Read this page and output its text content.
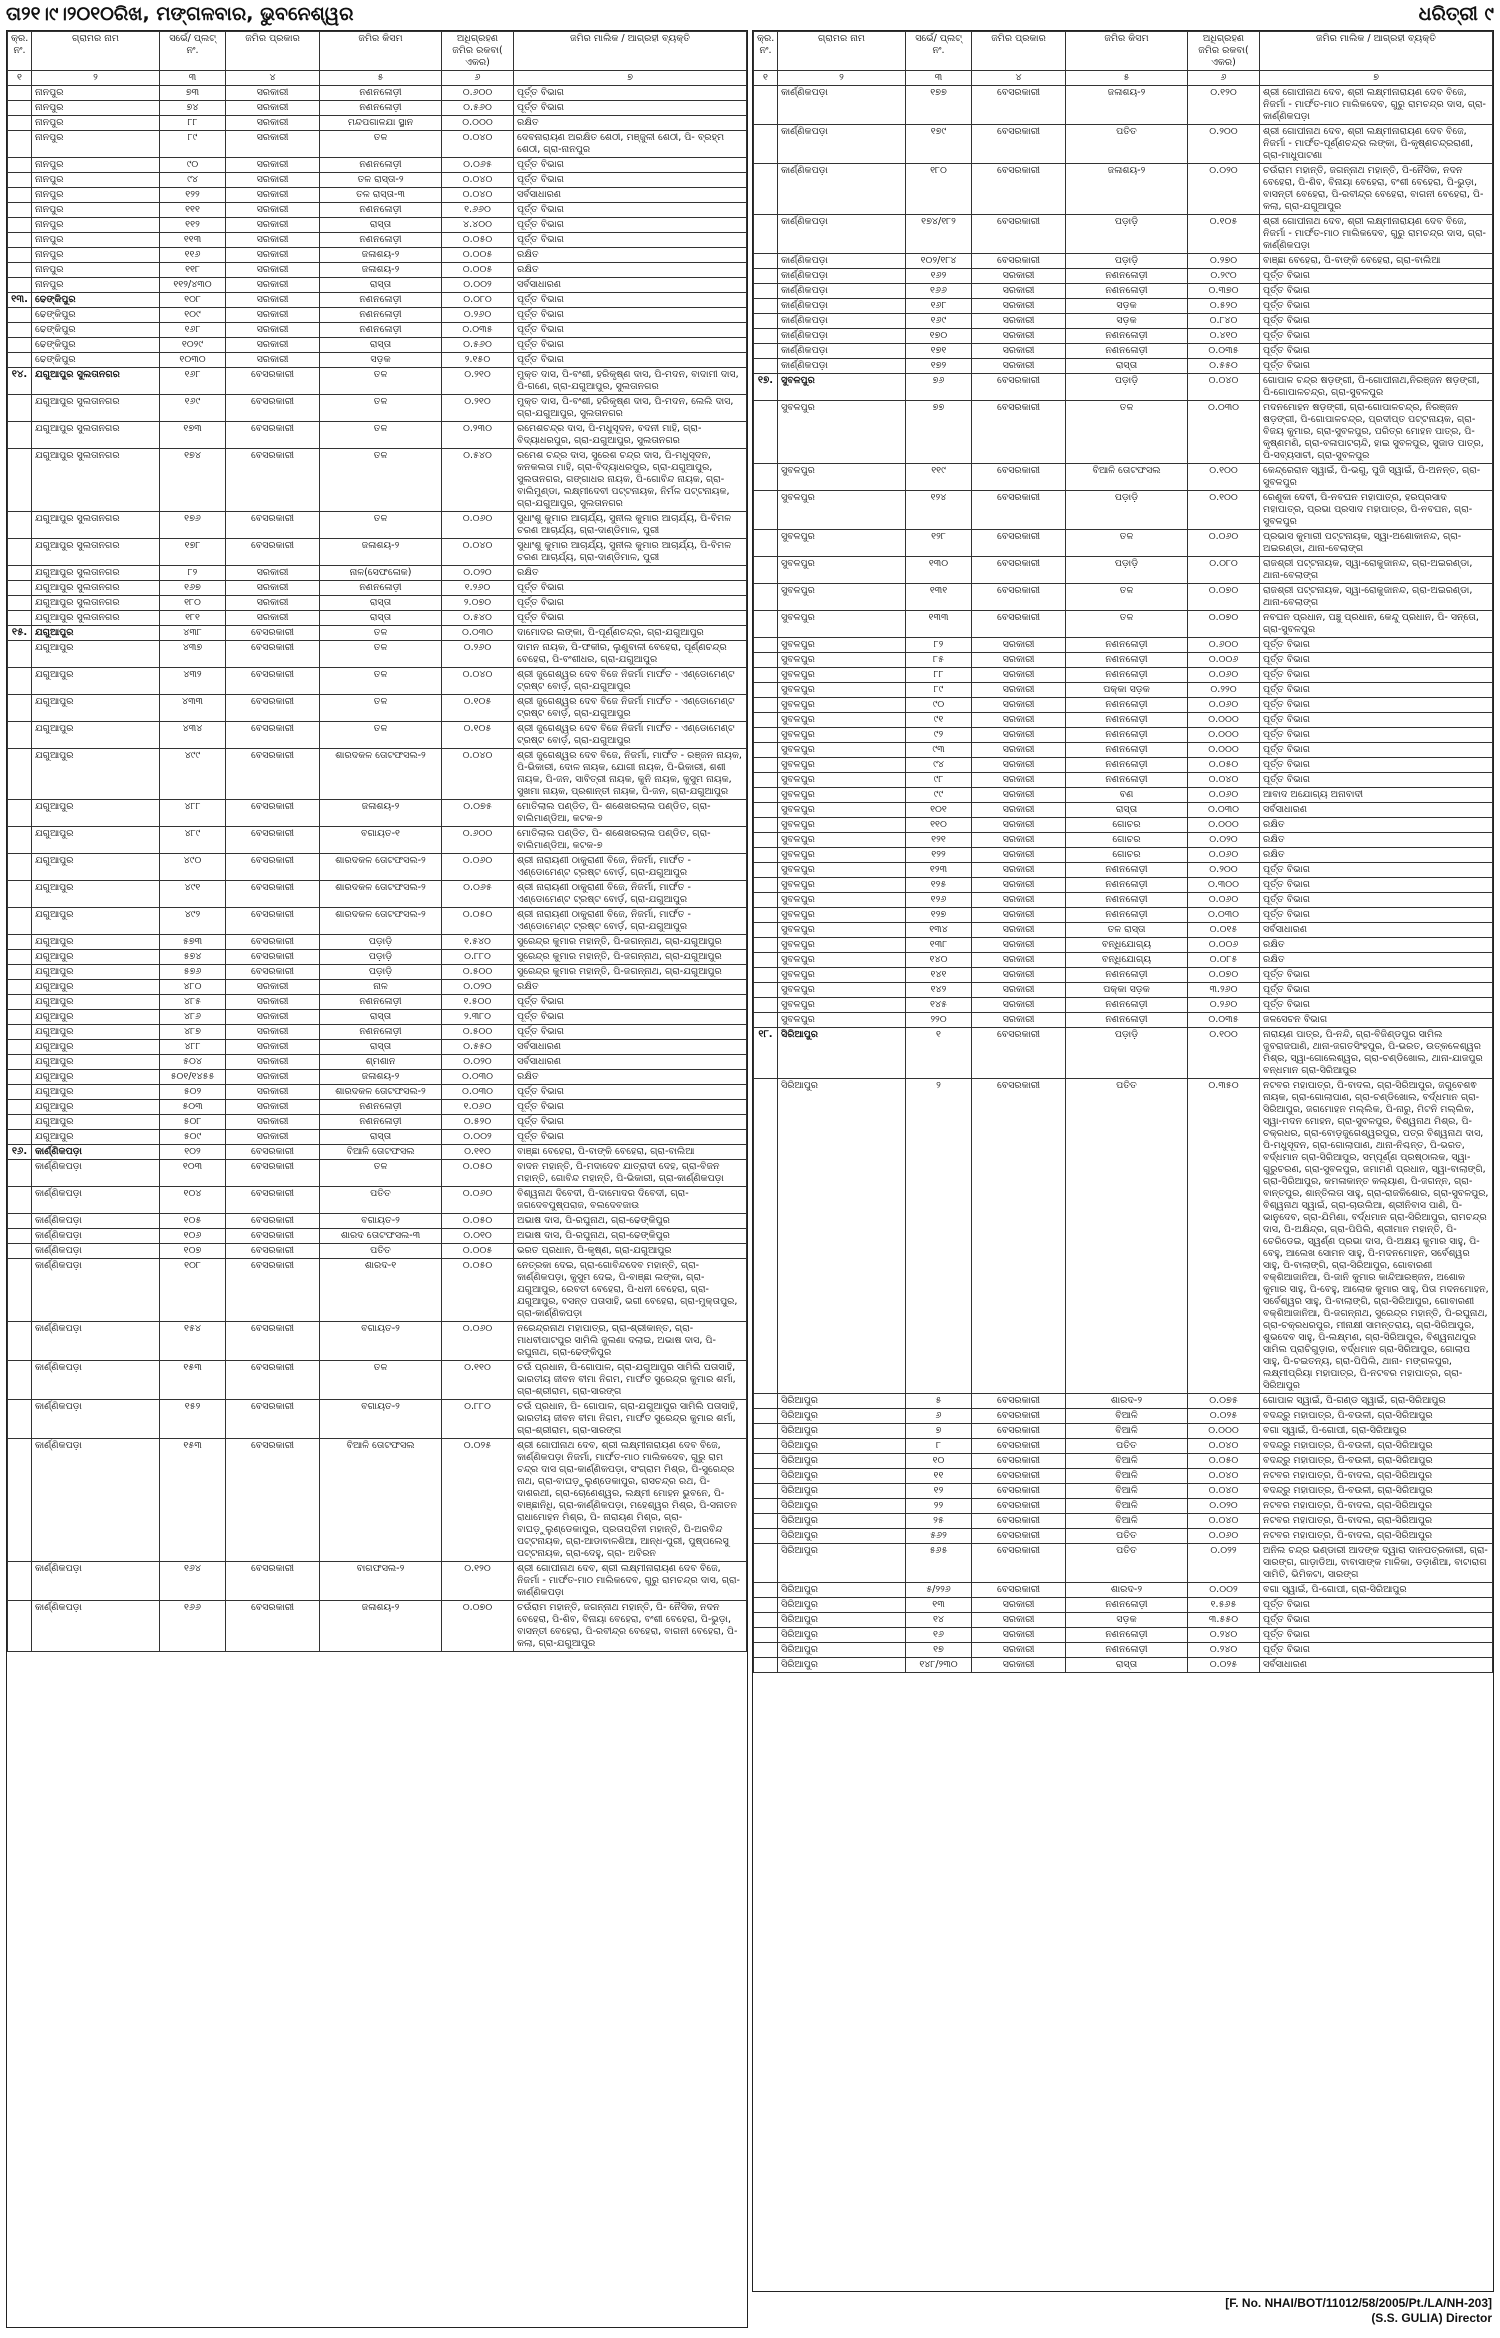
ତା୨୧।୯।୨୦୧୦ରିଖ, ମଙ୍ଗଳବାର, ଭୁବନେଶ୍ୱର	ଧରିତ୍ରୀ ୯
କ୍ର. ନଂ.	ଗ୍ରାମର ନାମ	ସର୍ଭେ/ ପ୍ଲଟ୍ ନଂ.	ଜମିର ପ୍ରକାର	ଜମିର କିସମ	ଅଧିଗ୍ରହଣ ଜମିର ରକବା( ଏକର)	ଜମିର ମାଲିକ / ଆଗ୍ରହୀ ବ୍ୟକ୍ତି
୧	୨	୩	୪	୫	୬	୭
	ନାନପୁର	୭୩	ସରକାରୀ	ନଣନଳୋଡ଼ୀ	୦.୬୦୦	ପୂର୍ତ୍ତ ବିଭାଗ
	ନାନପୁର	୭୪	ସରକାରୀ	ନଣନଳୋଡ଼ୀ	୦.୫୬୦	ପୂର୍ତ୍ତ ବିଭାଗ
	ନାନପୁର	୮୮	ସରକାରୀ	ମନ୍ଦପଗାଳଯା ସ୍ଥାନ	୦.୦୦୦	ରକ୍ଷିତ
	ନାନପୁର	୮୯	ସରକାରୀ	ତଳ	୦.୦୪୦	ଦେବନାରାୟଣ ଅରକ୍ଷିତ ଶେଠୀ, ମଞ୍ଜୁଳୀ ଶେଠୀ, ପି- ବ୍ରହ୍ମ ଶେଠୀ, ଗ୍ରା-ନାନପୁର
	ନାନପୁର	୯୦	ସରକାରୀ	ନଣନଳୋଡ଼ୀ	୦.୦୬୫	ପୂର୍ତ୍ତ ବିଭାଗ
	ନାନପୁର	୯୪	ସରକାରୀ	ତଳ ରାସ୍ତା-୨	୦.୦୪୦	ପୂର୍ତ୍ତ ବିଭାଗ
	ନାନପୁର	୧୨୨	ସରକାରୀ	ତଳ ରାସ୍ତା-୩	୦.୦୪୦	ସର୍ବସାଧାରଣ
	ନାନପୁର	୧୧୧	ସରକାରୀ	ନଣନଳୋଡ଼ୀ	୧.୬୬୦	ପୂର୍ତ୍ତ ବିଭାଗ
	ନାନପୁର	୧୧୨	ସରକାରୀ	ରାସ୍ତା	୪.୪୦୦	ପୂର୍ତ୍ତ ବିଭାଗ
	ନାନପୁର	୧୧୩	ସରକାରୀ	ନଣନଳୋଡ଼ୀ	୦.୦୫୦	ପୂର୍ତ୍ତ ବିଭାଗ
	ନାନପୁର	୧୧୬	ସରକାରୀ	ଜଳାଶୟ-୨	୦.୦୦୫	ରକ୍ଷିତ
	ନାନପୁର	୧୧୮	ସରକାରୀ	ଜଳାଶୟ-୨	୦.୦୦୫	ରକ୍ଷିତ
	ନାନପୁର	୧୧୨/୪୩୦	ସରକାରୀ	ରାସ୍ତା	୦.୦୦୨	ସର୍ବସାଧାରଣ
୧୩.	ଢେଙ୍କିପୁର	୧୦୮	ସରକାରୀ	ନଣନଳୋଡ଼ୀ	୦.୦୮୦	ପୂର୍ତ୍ତ ବିଭାଗ
	ଢେଙ୍କିପୁର	୧୦୯	ସରକାରୀ	ନଣନଳୋଡ଼ୀ	୦.୨୬୦	ପୂର୍ତ୍ତ ବିଭାଗ
	ଢେଙ୍କିପୁର	୧୬୮	ସରକାରୀ	ନଣନଳୋଡ଼ୀ	୦.୦୩୫	ପୂର୍ତ୍ତ ବିଭାଗ
	ଢେଙ୍କିପୁର	୧୦୨୯	ସରକାରୀ	ରାସ୍ତା	୦.୫୬୦	ପୂର୍ତ୍ତ ବିଭାଗ
	ଢେଙ୍କିପୁର	୧୦୩୦	ସରକାରୀ	ସଡ଼କ	୨.୧୫୦	ପୂର୍ତ୍ତ ବିଭାଗ
୧୪.	ଯଗୁଆପୁର ସୁଲତାନଗର	୧୬୮	ବେସରକାରୀ	ତଳ	୦.୨୧୦	ମୁକ୍ତ ଦାସ, ପି-ବଂଶୀ, ହରିକୃଷ୍ଣ ଦାସ, ପି-ମଦନ, ବାଦାମୀ ଦାସ, ପି-ଗଣେ, ଗ୍ରା-ଯଗୁଆପୁର, ସୁଲତାନଗର
	ଯଗୁଆପୁର ସୁଲତାନଗର	୧୬୯	ବେସରକାରୀ	ତଳ	୦.୨୧୦	ମୁକ୍ତ ଦାସ, ପି-ବଂଶୀ, ହରିକୃଷ୍ଣ ଦାସ, ପି-ମଦନ, ଲେଲି ଦାସ, ଗ୍ରା-ଯଗୁଆପୁର, ସୁଲତାନଗର
	ଯଗୁଆପୁର ସୁଲତାନଗର	୧୭୩	ବେସରକାରୀ	ତଳ	୦.୨୩୦	ରମେଶଚନ୍ଦ୍ର ଦାସ, ପି-ମଧୁସୂଦନ, ବଦନୀ ମାହି, ଗ୍ରା-ବିଦ୍ୟାଧରପୁର, ଗ୍ରା-ଯଗୁଆପୁର, ସୁଲତାନଗର
	ଯଗୁଆପୁର ସୁଲତାନଗର	୧୭୪	ବେସରକାରୀ	ତଳ	୦.୫୪୦	ରମେଶ ଚନ୍ଦ୍ର ଦାସ, ସୁରେଶ ଚନ୍ଦ୍ର ଦାସ, ପି-ମଧୁସୂଦନ, କନକଲତା ମାହି, ଗ୍ରା-ବିଦ୍ୟାଧରପୁର, ଗ୍ରା-ଯଗୁଆପୁର, ସୁଲତାନଗର, ଗଙ୍ଗାଧର ନାୟକ, ପି-ଗୋବିନ୍ଦ ନାୟକ, ଗ୍ରା-ବାଲିମୁଣ୍ଡା, ଲକ୍ଷ୍ମୀଦେବୀ ପଟ୍ଟନାୟକ, ନିର୍ମଳ ପଟ୍ଟନାୟକ, ଗ୍ରା-ଯଗୁଆପୁର, ସୁଲତାନଗର
	ଯଗୁଆପୁର ସୁଲତାନଗର	୧୭୬	ବେସରକାରୀ	ତଳ	୦.୦୬୦	ସୁଧାଂଶୁ କୁମାର ଆଚାର୍ଯ୍ୟ, ସୁନୀଲ କୁମାର ଆଚାର୍ଯ୍ୟ, ପି-ବିମଳ ଚରଣ ଆଚାର୍ଯ୍ୟ, ଗ୍ରା-ଦାଣ୍ଡିମାଳ, ପୁରୀ
	ଯଗୁଆପୁର ସୁଲତାନଗର	୧୭୮	ବେସରକାରୀ	ଜଳାଶୟ-୨	୦.୦୪୦	ସୁଧାଂଶୁ କୁମାର ଆଚାର୍ଯ୍ୟ, ସୁନୀଲ କୁମାର ଆଚାର୍ଯ୍ୟ, ପି-ବିମଳ ଚରଣ ଆଚାର୍ଯ୍ୟ, ଗ୍ରା-ଦାଣ୍ଡିମାଳ, ପୁରୀ
	ଯଗୁଆପୁର ସୁଲତାନଗର	୮୨	ସରକାରୀ	ନାଳ(ସେଫଳୋକ)	୦.୦୨୦	ରକ୍ଷିତ
	ଯଗୁଆପୁର ସୁଲତାନଗର	୧୬୭	ସରକାରୀ	ନଣନଳୋଡ଼ୀ	୧.୨୬୦	ପୂର୍ତ୍ତ ବିଭାଗ
	ଯଗୁଆପୁର ସୁଲତାନଗର	୧୮୦	ସରକାରୀ	ରାସ୍ତା	୨.୦୭୦	ପୂର୍ତ୍ତ ବିଭାଗ
	ଯଗୁଆପୁର ସୁଲତାନଗର	୧୮୧	ସରକାରୀ	ରାସ୍ତା	୦.୫୪୦	ପୂର୍ତ୍ତ ବିଭାଗ
୧୫.	ଯଗୁଆପୁର	୪୩୮	ବେସରକାରୀ	ତଳ	୦.୦୩୦	ଦାମୋଦର ଲଙ୍କା, ପି-ପୂର୍ଣ୍ଣଚନ୍ଦ୍ର, ଗ୍ରା-ଯଗୁଆପୁର
	ଯଗୁଆପୁର	୪୩୭	ବେସରକାରୀ	ତଳ	୦.୨୬୦	ଦାମନ ନାୟକ, ପି-ଫକୀର, ଲୁଣୁବାଳୀ ବେହେରା, ପୂର୍ଣ୍ଣଚନ୍ଦ୍ର ବେହେରା, ପି-ବଂଶୀଧର, ଗ୍ରା-ଯଗୁଆପୁର
	ଯଗୁଆପୁର	୪୩୨	ବେସରକାରୀ	ତଳ	୦.୦୪୦	ଶ୍ରୀ ଜୁଗେଶ୍ୱର ଦେବ ବିଜେ ନିଜର୍ମା ମାର୍ଫତ - ଏଣ୍ଡୋମେଣ୍ଟ ଟ୍ରଷ୍ଟ ବୋର୍ଡ଼, ଗ୍ରା-ଯଗୁଆପୁର
	ଯଗୁଆପୁର	୪୩୩	ବେସରକାରୀ	ତଳ	୦.୧୦୫	ଶ୍ରୀ ଜୁଗେଶ୍ୱର ଦେବ ବିଜେ ନିଜର୍ମା ମାର୍ଫତ - ଏଣ୍ଡୋମେଣ୍ଟ ଟ୍ରଷ୍ଟ ବୋର୍ଡ଼, ଗ୍ରା-ଯଗୁଆପୁର
	ଯଗୁଆପୁର	୪୩୪	ବେସରକାରୀ	ତଳ	୦.୧୦୫	ଶ୍ରୀ ଜୁଗେଶ୍ୱର ଦେବ ବିଜେ ନିଜର୍ମା ମାର୍ଫତ - ଏଣ୍ଡୋମେଣ୍ଟ ଟ୍ରଷ୍ଟ ବୋର୍ଡ଼, ଗ୍ରା-ଯଗୁଆପୁର
	ଯଗୁଆପୁର	୪୯୯	ବେସରକାରୀ	ଶାରଦକଳ ତୋଟଫସଲ-୨	୦.୦୪୦	ଶ୍ରୀ ଜୁଗେଶ୍ୱର ଦେବ ବିଜେ, ନିଜର୍ମା, ମାର୍ଫତ - ରଞ୍ଜନ ନାୟକ, ପି-ଭିକାରୀ, ଦୋଳ ନାୟକ, ଯୋଗୀ ନାୟକ, ପି-ଭିକାରୀ, ଶଶୀ ନାୟକ, ପି-ଜନ, ସାବିତ୍ରୀ ନାୟକ, କୁନି ନାୟକ, କୁସୁମ ନାୟକ, ସୁଖମା ନାୟକ, ପ୍ରଶାନ୍ତୀ ନାୟକ, ପି-ଜନ, ଗ୍ରା-ଯଗୁଆପୁର
	ଯଗୁଆପୁର	୪୮୮	ବେସରକାରୀ	ଜଳାଶୟ-୨	୦.୦୭୫	ମୋତିଲାଲ ପଣ୍ଡିତ, ପି- ଶଶେଖରଲାଲ ପଣ୍ଡିତ, ଗ୍ରା-ବାଲିମାଣ୍ଡିଆ, କଟକ-୭
	ଯଗୁଆପୁର	୪୮୯	ବେସରକାରୀ	ବଗାୟତ-୧	୦.୬୦୦	ମୋତିଲାଲ ପଣ୍ଡିତ, ପି- ଶଶେଖରଲାଲ ପଣ୍ଡିତ, ଗ୍ରା-ବାଲିମାଣ୍ଡିଆ, କଟକ-୭
	ଯଗୁଆପୁର	୪୯୦	ବେସରକାରୀ	ଶାରଦକଳ ତୋଟଫସଲ-୨	୦.୦୬୦	ଶ୍ରୀ ନାରାୟଣୀ ଠାକୁରାଣୀ ବିଜେ, ନିଜର୍ମା, ମାର୍ଫତ - ଏଣ୍ଡୋମେଣ୍ଟ ଟ୍ରଷ୍ଟ ବୋର୍ଡ଼, ଗ୍ରା-ଯଗୁଆପୁର
	ଯଗୁଆପୁର	୪୯୧	ବେସରକାରୀ	ଶାରଦକଳ ତୋଟଫସଲ-୨	୦.୦୬୫	ଶ୍ରୀ ନାରାୟଣୀ ଠାକୁରାଣୀ ବିଜେ, ନିଜର୍ମା, ମାର୍ଫତ - ଏଣ୍ଡୋମେଣ୍ଟ ଟ୍ରଷ୍ଟ ବୋର୍ଡ଼, ଗ୍ରା-ଯଗୁଆପୁର
	ଯଗୁଆପୁର	୪୯୨	ବେସରକାରୀ	ଶାରଦକଳ ତୋଟଫସଲ-୨	୦.୦୫୦	ଶ୍ରୀ ନାରାୟଣୀ ଠାକୁରାଣୀ ବିଜେ, ନିଜର୍ମା, ମାର୍ଫତ - ଏଣ୍ଡୋମେଣ୍ଟ ଟ୍ରଷ୍ଟ ବୋର୍ଡ଼, ଗ୍ରା-ଯଗୁଆପୁର
	ଯଗୁଆପୁର	୫୭୩	ବେସରକାରୀ	ପଡ଼ାଡ଼ି	୧.୫୪୦	ସୁରେନ୍ଦ୍ର କୁମାର ମହାନ୍ତି, ପି-ଜଗନ୍ନାଥ, ଗ୍ରା-ଯଗୁଆପୁର
	ଯଗୁଆପୁର	୫୭୪	ବେସରକାରୀ	ପଡ଼ାଡ଼ି	୦.୮୮୦	ସୁରେନ୍ଦ୍ର କୁମାର ମହାନ୍ତି, ପି-ଜଗନ୍ନାଥ, ଗ୍ରା-ଯଗୁଆପୁର
	ଯଗୁଆପୁର	୫୭୬	ବେସରକାରୀ	ପଡ଼ାଡ଼ି	୦.୫୦୦	ସୁରେନ୍ଦ୍ର କୁମାର ମହାନ୍ତି, ପି-ଜଗନ୍ନାଥ, ଗ୍ରା-ଯଗୁଆପୁର
	ଯଗୁଆପୁର	୪୮୦	ସରକାରୀ	ନାଳ	୦.୦୨୦	ରକ୍ଷିତ
	ଯଗୁଆପୁର	୪୮୫	ସରକାରୀ	ନଣନଳୋଡ଼ୀ	୧.୫୦୦	ପୂର୍ତ୍ତ ବିଭାଗ
	ଯଗୁଆପୁର	୪୮୬	ସରକାରୀ	ରାସ୍ତା	୨.୩୮୦	ପୂର୍ତ୍ତ ବିଭାଗ
	ଯଗୁଆପୁର	୪୮୭	ସରକାରୀ	ନଣନଳୋଡ଼ୀ	୦.୫୦୦	ପୂର୍ତ୍ତ ବିଭାଗ
	ଯଗୁଆପୁର	୪୮୮	ସରକାରୀ	ରାସ୍ତା	୦.୫୫୦	ସର୍ବସାଧାରଣ
	ଯଗୁଆପୁର	୫୦୪	ସରକାରୀ	ଶ୍ମଶାନ	୦.୦୨୦	ସର୍ବସାଧାରଣ
	ଯଗୁଆପୁର	୫୦୧/୧୪୫୫	ସରକାରୀ	ଜଳାଶୟ-୨	୦.୦୩୦	ରକ୍ଷିତ
	ଯଗୁଆପୁର	୫୦୨	ସରକାରୀ	ଶାରଦକଳ ତୋଟଫସଲ-୨	୦.୦୩୦	ପୂର୍ତ୍ତ ବିଭାଗ
	ଯଗୁଆପୁର	୫୦୩	ସରକାରୀ	ନଣନଳୋଡ଼ୀ	୧.୦୬୦	ପୂର୍ତ୍ତ ବିଭାଗ
	ଯଗୁଆପୁର	୫୦୮	ସରକାରୀ	ନଣନଳୋଡ଼ୀ	୦.୫୨୦	ପୂର୍ତ୍ତ ବିଭାଗ
	ଯଗୁଆପୁର	୫୦୯	ସରକାରୀ	ରାସ୍ତା	୦.୦୦୨	ପୂର୍ତ୍ତ ବିଭାଗ
୧୬.	କାର୍ଣ୍ଣିକପଡ଼ା	୧୦୨	ବେସରକାରୀ	ବିଆଳି ତୋଟଫସଲ	୦.୧୧୦	ବାଞ୍ଛା ବେହେରା, ପି-ବାଙ୍କି ବେହେରା, ଗ୍ରା-ବାଲିଆ
	କାର୍ଣ୍ଣିକପଡ଼ା	୧୦୩	ବେସରକାରୀ	ତଳ	୦.୦୫୦	ବାଦନ ମହାନ୍ତି, ପି-ମଦାଦେବ ଯାତ୍ରାଦୀ ଦେହ, ଗ୍ରା-ବିଜନ ମହାନ୍ତି, ଗୋବିନ୍ଦ ମହାନ୍ତି, ପି-ଭିକାରୀ, ଗ୍ରା-କାର୍ଣ୍ଣିକପଡ଼ା
	କାର୍ଣ୍ଣିକପଡ଼ା	୧୦୪	ବେସରକାରୀ	ପତିତ	୦.୦୬୦	ବିଶ୍ୱନାଥ ଦିବେଦୀ, ପି-ଦାମୋଦର ଦିବେଦୀ, ଗ୍ରା-ଜଗଦେବପୁଷ୍ପରାଜ, ବଲଦେବଜାଉ
	କାର୍ଣ୍ଣିକପଡ଼ା	୧୦୫	ବେସରକାରୀ	ବଗାୟତ-୨	୦.୦୫୦	ଅଭାଷ ଦାସ, ପି-ରଘୁନାଥ, ଗ୍ରା-ଢେଙ୍କିପୁର
	କାର୍ଣ୍ଣିକପଡ଼ା	୧୦୬	ବେସରକାରୀ	ଶାରଦ ତୋଟଫସଲ-୩	୦.୦୧୦	ଅଭାଷ ଦାସ, ପି-ରଘୁନାଥ, ଗ୍ରା-ଢେଙ୍କିପୁର
	କାର୍ଣ୍ଣିକପଡ଼ା	୧୦୭	ବେସରକାରୀ	ପତିତ	୦.୦୦୫	ଭରତ ପ୍ରଧାନ, ପି-କୃଷ୍ଣ, ଗ୍ରା-ଯଗୁଆପୁର
	କାର୍ଣ୍ଣିକପଡ଼ା	୧୦୮	ବେସରକାରୀ	ଶାରଦ-୧	୦.୦୫୦	ନେତ୍ରକା ଦେଇ, ଗ୍ରା-ଗୋବିନ୍ଦଦେବ ମହାନ୍ତି, ଗ୍ରା-କାର୍ଣ୍ଣିକପଡ଼ା, କୁସୁମ ଦେଇ, ପି-ବାଞ୍ଛା ଲଙ୍କା, ଗ୍ରା-ଯଗୁଆପୁର, ରେବତୀ ବେହେରା, ପି-ଧନୀ ବେହେରା, ଗ୍ରା-ଯଗୁଆପୁର, ବସନ୍ତ ପତାସାହି, ଭଗୀ ବେହେରା, ଗ୍ରା-ମୁକ୍ତାପୁର, ଗ୍ରା-କାର୍ଣ୍ଣିକପଡ଼ା
	କାର୍ଣ୍ଣିକପଡ଼ା	୧୫୪	ବେସରକାରୀ	ବଗାୟତ-୨	୦.୦୬୦	ନରେନ୍ଦ୍ରନାଥ ମହାପାତ୍ର, ଗ୍ରା-ଶ୍ରୀକାନ୍ତ, ଗ୍ରା-ମାଧବୀପାଟପୁର ସାମିଲି ଜୁଲଣା ଦଲାଇ, ଅଭାଷ ଦାସ, ପି-ରଘୁନାଥ, ଗ୍ରା-ଢେଙ୍କିପୁର
	କାର୍ଣ୍ଣିକପଡ଼ା	୧୫୩	ବେସରକାରୀ	ତଳ	୦.୧୧୦	ଚଉଁ ପ୍ରଧାନ, ପି-ଗୋପାଳ, ଗ୍ରା-ଯଗୁଆପୁର ସାମିଲି ପତାସାହି, ଭାରତୀୟ ଜୀବନ ବୀମା ନିଗମ, ମାର୍ଫତ ସୁରେନ୍ଦ୍ର କୁମାର ଶର୍ମା, ଗ୍ରା-ଶ୍ରୀରାମ, ଗ୍ରା-ସାରଙ୍ଗ
	କାର୍ଣ୍ଣିକପଡ଼ା	୧୫୨	ବେସରକାରୀ	ବଗାୟତ-୨	୦.୮୮୦	ଚଉଁ ପ୍ରଧାନ, ପି- ଗୋପାଳ, ଗ୍ରା-ଯଗୁଆପୁର ସାମିଲି ପତାସାହି, ଭାରତୀୟ ଜୀବନ ବୀମା ନିଗମ, ମାର୍ଫତ ସୁରେନ୍ଦ୍ର କୁମାର ଶର୍ମା, ଗ୍ରା-ଶ୍ରୀରାମ, ଗ୍ରା-ସାରଙ୍ଗ
	କାର୍ଣ୍ଣିକପଡ଼ା	୧୫୩	ବେସରକାରୀ	ବିଆଳି ତୋଟଫସଲ	୦.୦୨୫	ଶ୍ରୀ ଗୋପୀନାଥ ଦେବ, ଶ୍ରୀ ଲକ୍ଷ୍ମୀନାରାୟଣ ଦେବ ବିଜେ, କାର୍ଣ୍ଣିକପଡ଼ା ନିଜର୍ମା, ମାର୍ଫତ-ମାଠ ମାଲିକଦେବ, ଗୁରୁ ରାମ ଚନ୍ଦ୍ର ଦାସ ଗ୍ରା-କାର୍ଣ୍ଣିକପଡ଼ା, ସଂଗ୍ରାମ ମିଶ୍ର, ପି-ସୁରେନ୍ଦ୍ର ନାଥ, ଗ୍ରା-ବାଘଡ଼ୁଲୁଣ୍ଡେକାପୁର, ରାସଚନ୍ଦ୍ର ରଥ, ପି-ଦାଶରଥୀ, ଗ୍ରା-ଚୋଣେଶ୍ୱର, ଲକ୍ଷ୍ମୀ ମୋହନ ଭୁବନେ, ପି-ବାଞ୍ଛାନିଧି, ଗ୍ରା-କାର୍ଣ୍ଣିକପଡ଼ା, ମହେଶ୍ୱର ମିଶ୍ର, ପି-ସନାତନ ରାଧାମୋହନ ମିଶ୍ର, ପି- ନାରାୟଣ ମିଶ୍ର, ଗ୍ରା-ବାଘଡ଼ୁଲୁଣ୍ଡେକାପୁର, ପ୍ରତାପ୍ତିନୀ ମହାନ୍ତି, ପି-ଅରବିନ୍ଦ ପଟ୍ଟନାୟକ, ଗ୍ରା-ଆଡାବାଳଶିଆ, ଆନ୍ଧ-ପୁରୀ, ପୁଷ୍ପଲେସୁ ପଟ୍ଟନାୟକ, ଗ୍ରା-ଦେହୁ, ଗ୍ରା- ଅବିରନ
	କାର୍ଣ୍ଣିକପଡ଼ା	୧୬୪	ବେସରକାରୀ	ବାଗଫସଲ-୨	୦.୧୨୦	ଶ୍ରୀ ଗୋପୀନାଥ ଦେବ, ଶ୍ରୀ ଲକ୍ଷ୍ମୀନାରାୟଣ ଦେବ ବିଜେ, ନିଜର୍ମା - ମାର୍ଫତ-ମାଠ ମାଲିକଦେବ, ଗୁରୁ ରାମଚନ୍ଦ୍ର ଦାସ, ଗ୍ରା- କାର୍ଣ୍ଣିକପଡ଼ା
	କାର୍ଣ୍ଣିକପଡ଼ା	୧୬୬	ବେସରକାରୀ	ଜଳାଶୟ-୨	୦.୦୭୦	ଚଉଁରାମ ମହାନ୍ତି, ଜଗନ୍ନାଥ ମହାନ୍ତି, ପି- ନୈସିକ, ନଦନ ବେହେରା, ପି-ଶିବ, ବିନାୟା ବେହେରା, ବଂଶୀ ବେହେରା, ପି-ଭୁଡ଼ା, ବାସନ୍ତୀ ବେହେରା, ପି-ରବୀନ୍ଦ୍ର ବେହେରା, ବାଗନୀ ବେହେରା, ପି-କଲା, ଗ୍ରା-ଯଗୁଆପୁର
କ୍ର. ନଂ.	ଗ୍ରାମର ନାମ	ସର୍ଭେ/ ପ୍ଲଟ୍ ନଂ.	ଜମିର ପ୍ରକାର	ଜମିର କିସମ	ଅଧିଗ୍ରହଣ ଜମିର ରକବା( ଏକର)	ଜମିର ମାଲିକ / ଆଗ୍ରହୀ ବ୍ୟକ୍ତି
୧	୨	୩	୪	୫	୬	୭
	କାର୍ଣ୍ଣିକପଡ଼ା	୧୭୭	ବେସରକାରୀ	ଜଳାଶୟ-୨	୦.୧୨୦	ଶ୍ରୀ ଗୋପୀନାଥ ଦେବ, ଶ୍ରୀ ଲକ୍ଷ୍ମୀନାରାୟଣ ଦେବ ବିଜେ, ନିଜର୍ମା - ମାର୍ଫତ-ମାଠ ମାଲିକଦେବ, ଗୁରୁ ରାମଚନ୍ଦ୍ର ଦାସ, ଗ୍ରା- କାର୍ଣ୍ଣିକପଡ଼ା
	କାର୍ଣ୍ଣିକପଡ଼ା	୧୭୯	ବେସରକାରୀ	ପତିତ	୦.୨୦୦	ଶ୍ରୀ ଗୋପୀନାଥ ଦେବ, ଶ୍ରୀ ଲକ୍ଷ୍ମୀନାରାୟଣ ଦେବ ବିଜେ, ନିଜର୍ମା - ମାର୍ଫତ-ପୂର୍ଣ୍ଣଚନ୍ଦ୍ର ଲଙ୍କା, ପି-କୃଷ୍ଣଚନ୍ଦ୍ରରାଣୀ, ଗ୍ରା-ମାଧୁପାଟଣା
	କାର୍ଣ୍ଣିକପଡ଼ା	୧୮୦	ବେସରକାରୀ	ଜଳାଶୟ-୨	୦.୦୨୦	ଚଉଁରାମ ମହାନ୍ତି, ଜଗନ୍ନାଥ ମହାନ୍ତି, ପି-ନୈସିକ, ନଦନ ବେହେରା, ପି-ଶିବ, ବିନାୟା ବେହେରା, ବଂଶୀ ବେହେରା, ପି-ଭୁଡ଼ା, ବାସନ୍ତୀ ବେହେରା, ପି-ରବୀନ୍ଦ୍ର ବେହେରା, ବାଗନୀ ବେହେରା, ପି-କଲା, ଗ୍ରା-ଯଗୁଆପୁର
	କାର୍ଣ୍ଣିକପଡ଼ା	୧୭୪/୧୮୨	ବେସରକାରୀ	ପଡ଼ାଡ଼ି	୦.୧୦୫	ଶ୍ରୀ ଗୋପୀନାଥ ଦେବ, ଶ୍ରୀ ଲକ୍ଷ୍ମୀନାରାୟଣ ଦେବ ବିଜେ, ନିଜର୍ମା - ମାର୍ଫତ-ମାଠ ମାଲିକଦେବ, ଗୁରୁ ରାମଚନ୍ଦ୍ର ଦାସ, ଗ୍ରା- କାର୍ଣ୍ଣିକପଡ଼ା
	କାର୍ଣ୍ଣିକପଡ଼ା	୧୦୨/୧୮୪	ବେସରକାରୀ	ପଡ଼ାଡ଼ି	୦.୨୭୦	ବାଞ୍ଛା ବେହେରା, ପି-ବାଙ୍କି ବେହେରା, ଗ୍ରା-ବାଲିଆ
	କାର୍ଣ୍ଣିକପଡ଼ା	୧୬୨	ସରକାରୀ	ନଣନଳୋଡ଼ୀ	୦.୨୯୦	ପୂର୍ତ୍ତ ବିଭାଗ
	କାର୍ଣ୍ଣିକପଡ଼ା	୧୬୬	ସରକାରୀ	ନଣନଳୋଡ଼ୀ	୦.୩୭୦	ପୂର୍ତ୍ତ ବିଭାଗ
	କାର୍ଣ୍ଣିକପଡ଼ା	୧୬୮	ସରକାରୀ	ସଡ଼କ	୦.୫୨୦	ପୂର୍ତ୍ତ ବିଭାଗ
	କାର୍ଣ୍ଣିକପଡ଼ା	୧୬୯	ସରକାରୀ	ସଡ଼କ	୦.୮୪୦	ପୂର୍ତ୍ତ ବିଭାଗ
	କାର୍ଣ୍ଣିକପଡ଼ା	୧୭୦	ସରକାରୀ	ନଣନଳୋଡ଼ୀ	୦.୪୧୦	ପୂର୍ତ୍ତ ବିଭାଗ
	କାର୍ଣ୍ଣିକପଡ଼ା	୧୭୧	ସରକାରୀ	ନଣନଳୋଡ଼ୀ	୦.୦୩୫	ପୂର୍ତ୍ତ ବିଭାଗ
	କାର୍ଣ୍ଣିକପଡ଼ା	୧୭୨	ସରକାରୀ	ରାସ୍ତା	୦.୫୫୦	ପୂର୍ତ୍ତ ବିଭାଗ
୧୭.	ସୁବଳପୁର	୭୬	ବେସରକାରୀ	ପଡ଼ାଡ଼ି	୦.୦୪୦	ଗୋପାଳ ଚନ୍ଦ୍ର ଷଡ଼ଙ୍ଗୀ, ପି-ଗୋପୀନାଥ,ନିରଞ୍ଜନ ଷଡ଼ଙ୍ଗୀ, ପି-ଗୋପାଳଚନ୍ଦ୍ର, ଗ୍ରା-ସୁବଳପୁର
	ସୁବଳପୁର	୭୭	ବେସରକାରୀ	ତଳ	୦.୦୩୦	ମଦନମୋହନ ଷଡ଼ଙ୍ଗୀ, ଗ୍ରା-ଗୋପାଳଚନ୍ଦ୍ର, ନିରଞ୍ଜନ ଷଡ଼ଙ୍ଗୀ, ପି-ଗୋପାଳଚନ୍ଦ୍ର, ପ୍ରଦୀପ୍ତ ପଟ୍ଟନାୟକ, ଗ୍ରା-ବିଜୟ କୁମାର, ଗ୍ରା-ସୁବଳପୁର, ପରିତ୍ର ମୋହନ ପାତ୍ର, ପି-କୃଷ୍ଣମଣି, ଗ୍ରା-ବଳାପାଟଚାନ୍ଦି, ହାଇ ସୁବଳପୁର, ସୁଜାଡ ପାତ୍ର, ପି-ସବ୍ୟସାଚୀ, ଗ୍ରା-ସୁବଳପୁର
	ସୁବଳପୁର	୧୧୯	ବେସରକାରୀ	ବିଆଳି ତୋଟଫସଲ	୦.୧୦୦	କେନ୍ଦ୍ରେରାନ ସ୍ୱାଇଁ, ପି-ଭଗୁ, ପୁଜି ସ୍ୱାଇଁ, ପି-ଅନନ୍ତ, ଗ୍ରା-ସୁବଳପୁର
	ସୁବଳପୁର	୧୨୪	ବେସରକାରୀ	ପଡ଼ାଡ଼ି	୦.୧୦୦	ରେଣୁକା ଦେବୀ, ପି-ନବଘନ ମହାପାତ୍ର, ହରପ୍ରସାଦ ମହାପାତ୍ର, ପ୍ରଭା ପ୍ରସାଦ ମହାପାତ୍ର, ପି-ନବଘନ, ଗ୍ରା-ସୁବଳପୁର
	ସୁବଳପୁର	୧୨୮	ବେସରକାରୀ	ତଳ	୦.୦୬୦	ପ୍ରଭାସ କୁମାରୀ ପଟ୍ଟନାୟକ, ସ୍ୱା-ଅଶୋକାନନ୍ଦ, ଗ୍ରା-ଅଇରଣ୍ଡା, ଥାନା-ବେଲାଙ୍ଗ
	ସୁବଳପୁର	୧୩୦	ବେସରକାରୀ	ପଡ଼ାଡ଼ି	୦.୦୮୦	ରାଜଶ୍ରୀ ପଟ୍ଟନାୟକ, ସ୍ୱା-ରୋକୁଜାନନ୍ଦ, ଗ୍ରା-ଅଇରଣ୍ଡା, ଥାନା-ବେଲାଙ୍ଗ
	ସୁବଳପୁର	୧୩୧	ବେସରକାରୀ	ତଳ	୦.୦୭୦	ରାଜଶ୍ରୀ ପଟ୍ଟନାୟକ, ସ୍ୱା-ରୋକୁଜାନନ୍ଦ, ଗ୍ରା-ଅଇରଣ୍ଡା, ଥାନା-ବେଲାଙ୍ଗ
	ସୁବଳପୁର	୧୩୩	ବେସରକାରୀ	ତଳ	୦.୦୭୦	ନବଘନ ପ୍ରଧାନ, ପଞ୍ଚୁ ପ୍ରଧାନ, କେନ୍ଦୁ ପ୍ରଧାନ, ପି- ସନ୍ତୋ, ଗ୍ରା-ସୁବଳପୁର
	ସୁବଳପୁର	୮୨	ସରକାରୀ	ନଣନଳୋଡ଼ୀ	୦.୬୦୦	ପୂର୍ତ୍ତ ବିଭାଗ
	ସୁବଳପୁର	୮୫	ସରକାରୀ	ନଣନଳୋଡ଼ୀ	୦.୦୦୬	ପୂର୍ତ୍ତ ବିଭାଗ
	ସୁବଳପୁର	୮୮	ସରକାରୀ	ନଣନଳୋଡ଼ୀ	୦.୦୬୦	ପୂର୍ତ୍ତ ବିଭାଗ
	ସୁବଳପୁର	୮୯	ସରକାରୀ	ପକ୍କା ସଡ଼କ	୦.୨୨୦	ପୂର୍ତ୍ତ ବିଭାଗ
	ସୁବଳପୁର	୯୦	ସରକାରୀ	ନଣନଳୋଡ଼ୀ	୦.୦୬୦	ପୂର୍ତ୍ତ ବିଭାଗ
	ସୁବଳପୁର	୯୧	ସରକାରୀ	ନଣନଳୋଡ଼ୀ	୦.୦୦୦	ପୂର୍ତ୍ତ ବିଭାଗ
	ସୁବଳପୁର	୯୨	ସରକାରୀ	ନଣନଳୋଡ଼ୀ	୦.୦୦୦	ପୂର୍ତ୍ତ ବିଭାଗ
	ସୁବଳପୁର	୯୩	ସରକାରୀ	ନଣନଳୋଡ଼ୀ	୦.୦୦୦	ପୂର୍ତ୍ତ ବିଭାଗ
	ସୁବଳପୁର	୯୪	ସରକାରୀ	ନଣନଳୋଡ଼ୀ	୦.୦୫୦	ପୂର୍ତ୍ତ ବିଭାଗ
	ସୁବଳପୁର	୯୮	ସରକାରୀ	ନଣନଳୋଡ଼ୀ	୦.୦୪୦	ପୂର୍ତ୍ତ ବିଭାଗ
	ସୁବଳପୁର	୯୯	ସରକାରୀ	ବଣ	୦.୦୬୦	ଆବାଦ ଅଯୋଗ୍ୟ ଅନାବାଦୀ
	ସୁବଳପୁର	୧୦୧	ସରକାରୀ	ରାସ୍ତା	୦.୦୩୦	ସର୍ବସାଧାରଣ
	ସୁବଳପୁର	୧୧୦	ସରକାରୀ	ଗୋଚର	୦.୦୦୦	ରକ୍ଷିତ
	ସୁବଳପୁର	୧୨୧	ସରକାରୀ	ଗୋଚର	୦.୦୨୦	ରକ୍ଷିତ
	ସୁବଳପୁର	୧୨୨	ସରକାରୀ	ଗୋଚର	୦.୦୬୦	ରକ୍ଷିତ
	ସୁବଳପୁର	୧୨୩	ସରକାରୀ	ନଣନଳୋଡ଼ୀ	୦.୨୦୦	ପୂର୍ତ୍ତ ବିଭାଗ
	ସୁବଳପୁର	୧୨୫	ସରକାରୀ	ନଣନଳୋଡ଼ୀ	୦.୩୦୦	ପୂର୍ତ୍ତ ବିଭାଗ
	ସୁବଳପୁର	୧୨୬	ସରକାରୀ	ନଣନଳୋଡ଼ୀ	୦.୦୬୦	ପୂର୍ତ୍ତ ବିଭାଗ
	ସୁବଳପୁର	୧୨୭	ସରକାରୀ	ନଣନଳୋଡ଼ୀ	୦.୦୩୦	ପୂର୍ତ୍ତ ବିଭାଗ
	ସୁବଳପୁର	୧୩୪	ସରକାରୀ	ତଳ ରାସ୍ତା	୦.୦୧୫	ସର୍ବସାଧାରଣ
	ସୁବଳପୁର	୧୩୮	ସରକାରୀ	ବନ୍ଧିଯୋଗ୍ୟ	୦.୦୦୬	ରକ୍ଷିତ
	ସୁବଳପୁର	୧୪୦	ସରକାରୀ	ବନ୍ଧିଯୋଗ୍ୟ	୦.୦୮୫	ରକ୍ଷିତ
	ସୁବଳପୁର	୧୪୧	ସରକାରୀ	ନଣନଳୋଡ଼ୀ	୦.୦୭୦	ପୂର୍ତ୍ତ ବିଭାଗ
	ସୁବଳପୁର	୧୪୨	ସରକାରୀ	ପକ୍କା ସଡ଼କ	୩.୨୬୦	ପୂର୍ତ୍ତ ବିଭାଗ
	ସୁବଳପୁର	୧୪୫	ସରକାରୀ	ନଣନଳୋଡ଼ୀ	୦.୨୬୦	ପୂର୍ତ୍ତ ବିଭାଗ
	ସୁବଳପୁର	୨୨୦	ସରକାରୀ	ନଣନଳୋଡ଼ୀ	୦.୦୩୫	ଜଳସେଚନ ବିଭାଗ
୧୮.	ସିରିଆପୁର	୧	ବେସରକାରୀ	ପଡ଼ାଡ଼ି	୦.୧୦୦	ନାରାୟଣ ପାତ୍ର, ପି-ନନ୍ଦି, ଗ୍ରା-ବିଜିଣ୍ଡପୁର ସାମିଲ ଜୁବରାଜପାଣି, ଥାନା-ଜଗତସିଂହପୁର, ପି-ଭରତ, ଉତ୍କଳେଶ୍ୱର ମିଶ୍ର, ସ୍ୱା-ଗୋଲେଶ୍ୱର, ଗ୍ରା-ଚଣ୍ଡିଖୋଲ, ଥାନା-ଯାଜପୁର ବନ୍ଧମାନ ଗ୍ରା-ସିରିଆପୁର
	ସିରିଆପୁର	୨	ବେସରକାରୀ	ପତିତ	୦.୩୫୦	ନଟବର ମହାପାତ୍ର, ପି-ବାଦଲ, ଗ୍ରା-ସିରିଆପୁର, ଜଗୁବେଶଵ ନାୟକ, ଗ୍ରା-ଗୋଲାପାଣ, ଗ୍ରା-ଚଣ୍ଡିଖୋଲ, ବର୍ଦ୍ଧମାନ ଗ୍ରା-ସିରିଆପୁର, ଜଗମୋହନ ମଲ୍ଲିକ, ପି-ନାରୁ, ମିଟନି ମଲ୍ଲିକ, ସ୍ୱା-ମଦନ ମୋହନ, ଗ୍ରା-ସୁବଳପୁର, ବିଶ୍ୱନାଥ ମିଶ୍ର, ପି-ଚକ୍ରଧର, ଗ୍ରା-ବୋଡ଼ଜୁଗେଶ୍ୱରପୁର, ପତ୍ର ବିଶ୍ୱନାଥ ଦାସ, ପି-ମଧୁସୂଦନ, ଗ୍ରା-ଗୋଲାପାଣ, ଥାନା-ନିଶ୍ଚନ୍ତ, ପି-ଭରତ, ବର୍ଦ୍ଧମାନ ଗ୍ରା-ସିରିଆପୁର, ସମ୍ପୂର୍ଣ୍ଣ ପ୍ରଷ୍ଠାଲକ, ସ୍ୱା-ଗୁରୁଚରଣ, ଗ୍ରା-ସୁବଳପୁର, ଜମାମଣି ପ୍ରଧାନ, ସ୍ୱା-ବାଲାଙ୍ଗି, ଗ୍ରା-ସିରିଆପୁର, କମଳାକାନ୍ତ କଲ୍ୟାଣ, ପି-ଜଗନ୍ନ, ଗ୍ରା-ବାନ୍ତପୁର, ଶାନ୍ତିଲତା ସାହୁ, ଗ୍ରା-ରାଜକିଶୋର, ଗ୍ରା-ସୁବଳପୁର, ବିଶ୍ୱନାଥ ସ୍ୱାଇଁ, ଗ୍ରା-ଚାଉଲିଆ, ଶ୍ରୀନିବାସ ପାଣି, ପି-ଭାନୁଦେବ, ଗ୍ରା-ଯିମିଣା, ବର୍ଦ୍ଧମାନ ଗ୍ରା-ସିରିଆପୁର, ରାମଚନ୍ଦ୍ର ଦାସ, ପି-ଅକ୍ଷିନ୍ଦ୍ର, ଗ୍ରା-ପିପିଲି, ଶ୍ରୀମାନ ମହାନ୍ତି, ପି-ଚେରିଡେଇ, ସ୍ୱର୍ଣ୍ଣ ପ୍ରଭା ଦାସ, ପି-ଅକ୍ଷୟ କୁମାର ସାହୁ, ପି-ବେହୁ, ଆଲେଖ ସୋମନ ସାହୁ, ପି-ମଦନମୋହନ, ସର୍ବେଶ୍ୱର ସାହୁ, ପି-ବାଲାଙ୍ଗି, ଗ୍ରା-ସିରିଆପୁର, ଗୋବାରଣୀ ବକ୍ଶିଆଜାନିଆ, ପି-ଜାନି କୁମାର କାନ୍ଦିଆରଞ୍ଜନ, ଅଶୋକ କୁମାର ସାହୁ, ପି-ବେହୁ, ଆଲୋକ କୁମାର ସାହୁ, ପିତା ମଦନମୋହନ, ସର୍ବେଶ୍ୱର ସାହୁ, ପି-ବାଲାଙ୍ଗି, ଗ୍ରା-ସିରିଆପୁର, ଗୋବାରଣୀ ବକ୍ଶିଆଜାନିଆ, ପି-ଜଗନ୍ନାଥ, ସୁରେନ୍ଦ୍ର ମହାନ୍ତି, ପି-ରଘୁନାଥ, ଗ୍ରା-ଚକ୍ରଧରପୁର, ମୀନାକ୍ଷୀ ସାମନ୍ତରାୟ, ଗ୍ରା-ସିରିଆପୁର, ଶୁଭଦେବ ସାହୁ, ପି-ଲକ୍ଷ୍ମଣ, ଗ୍ରା-ସିରିଆପୁର, ବିଶ୍ୱନାଥପୁର ସାମିଲ ପ୍ରାଚିଗୁଡ଼ାର, ବର୍ଦ୍ଧମାନ ଗ୍ରା-ସିରିଆପୁର, ଗୋଲାପ ସାହୁ, ପି-ଚଇତନ୍ୟ, ଗ୍ରା-ପିପିଲି, ଥାନା- ମଙ୍ଗଳପୁର, ଲକ୍ଷ୍ମୀପ୍ରିୟା ମହାପାତ୍ର, ପି-ନଟବର ମହାପାତ୍ର, ଗ୍ରା-ସିରିଆପୁର
	ସିରିଆପୁର	୫	ବେସରକାରୀ	ଶାରଦ-୨	୦.୦୭୫	ଗୋପାଳ ସ୍ୱାଇଁ, ପି-ଗଣ୍ଡ ସ୍ୱାଇଁ, ଗ୍ରା-ସିରିଆପୁର
	ସିରିଆପୁର	୬	ବେସରକାରୀ	ବିଆଳି	୦.୦୨୫	ବଦନ୍ଦ୍ରୁ ମହାପାତ୍ର, ପି-ବଉଳୀ, ଗ୍ରା-ସିରିଆପୁର
	ସିରିଆପୁର	୭	ବେସରକାରୀ	ବିଆଳି	୦.୦୦୦	ବଗା ସ୍ୱାଇଁ, ପି-ଗୋପୀ, ଗ୍ରା-ସିରିଆପୁର
	ସିରିଆପୁର	୮	ବେସରକାରୀ	ପତିତ	୦.୦୪୦	ବଦନ୍ଦ୍ରୁ ମହାପାତ୍ର, ପି-ବଉଳୀ, ଗ୍ରା-ସିରିଆପୁର
	ସିରିଆପୁର	୧୦	ବେସରକାରୀ	ବିଆଳି	୦.୦୫୦	ବଦନ୍ଦ୍ରୁ ମହାପାତ୍ର, ପି-ବଉଳୀ, ଗ୍ରା-ସିରିଆପୁର
	ସିରିଆପୁର	୧୧	ବେସରକାରୀ	ବିଆଳି	୦.୦୪୦	ନଟବର ମହାପାତ୍ର, ପି-ବାଦଲ, ଗ୍ରା-ସିରିଆପୁର
	ସିରିଆପୁର	୧୨	ବେସରକାରୀ	ବିଆଳି	୦.୦୪୦	ବଦନ୍ଦ୍ରୁ ମହାପାତ୍ର, ପି-ବଉଳୀ, ଗ୍ରା-ସିରିଆପୁର
	ସିରିଆପୁର	୨୨	ବେସରକାରୀ	ବିଆଳି	୦.୦୨୦	ନଟବର ମହାପାତ୍ର, ପି-ବାଦଲ, ଗ୍ରା-ସିରିଆପୁର
	ସିରିଆପୁର	୨୫	ବେସରକାରୀ	ବିଆଳି	୦.୦୪୦	ନଟବର ମହାପାତ୍ର, ପି-ବାଦଲ, ଗ୍ରା-ସିରିଆପୁର
	ସିରିଆପୁର	୫୬୨	ବେସରକାରୀ	ପତିତ	୦.୦୬୦	ନଟବର ମହାପାତ୍ର, ପି-ବାଦଲ, ଗ୍ରା-ସିରିଆପୁର
	ସିରିଆପୁର	୫୬୫	ବେସରକାରୀ	ପତିତ	୦.୦୨୨	ଅନିଲ ଚନ୍ଦ୍ର ଭଣ୍ଡାରୀ ଆଦଙ୍କ ଦ୍ୱାରା ଦାନପତ୍ରକାରୀ, ଗ୍ରା-ସାରଙ୍ଗ, ଗାଡ଼ାଡିଆ, ବାବାସାଙ୍କ ମାଳିକା, ଡଡ଼ାଣିଆ, ବାଟାରାଗ ସାମିତି, ଭିମିକଟା, ସାରଙ୍ଗ
	ସିରିଆପୁର	୫/୨୨୬	ବେସରକାରୀ	ଶାରଦ-୨	୦.୦୦୨	ବଗା ସ୍ୱାଇଁ, ପି-ଗୋପୀ, ଗ୍ରା-ସିରିଆପୁର
	ସିରିଆପୁର	୧୩	ସରକାରୀ	ନଣନଳୋଡ଼ୀ	୧.୫୬୫	ପୂର୍ତ୍ତ ବିଭାଗ
	ସିରିଆପୁର	୧୪	ସରକାରୀ	ସଡ଼କ	୩.୫୫୦	ପୂର୍ତ୍ତ ବିଭାଗ
	ସିରିଆପୁର	୧୬	ସରକାରୀ	ନଣନଳୋଡ଼ୀ	୦.୨୪୦	ପୂର୍ତ୍ତ ବିଭାଗ
	ସିରିଆପୁର	୧୭	ସରକାରୀ	ନଣନଳୋଡ଼ୀ	୦.୨୪୦	ପୂର୍ତ୍ତ ବିଭାଗ
	ସିରିଆପୁର	୧୪୮/୨୩୦	ସରକାରୀ	ରାସ୍ତା	୦.୦୨୫	ସର୍ବସାଧାରଣ
[F. No. NHAI/BOT/11012/58/2005/Pt./LA/NH-203]
(S.S. GULIA) Director
